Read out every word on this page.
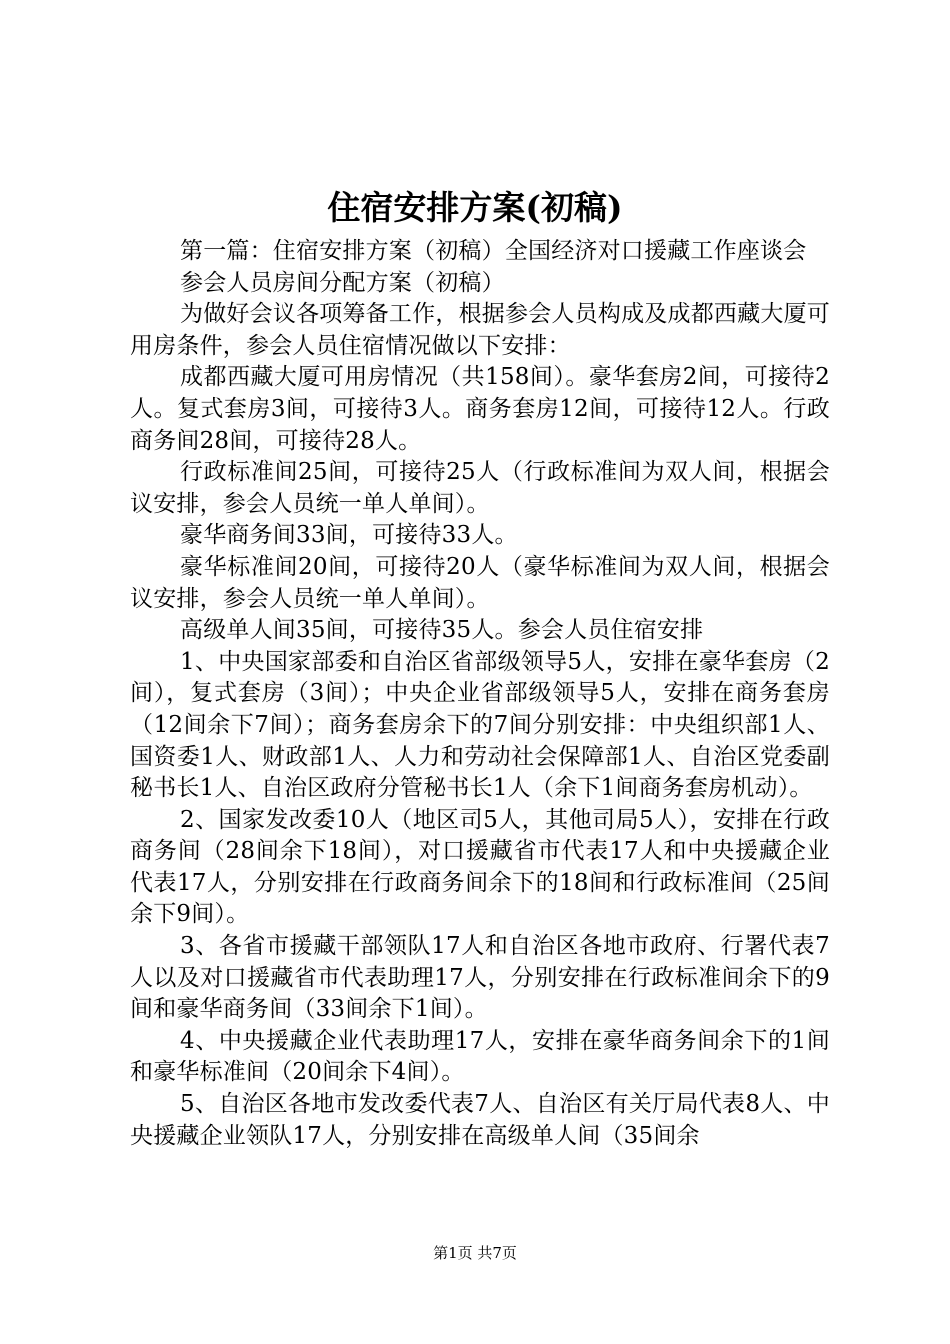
住宿安排方案(初稿)

第一篇：住宿安排方案（初稿）全国经济对口援藏工作座谈会

参会人员房间分配方案（初稿）

为做好会议各项筹备工作，根据参会人员构成及成都西藏大厦可用房条件，参会人员住宿情况做以下安排：

成都西藏大厦可用房情况（共158间）。豪华套房2间，可接待2人。复式套房3间，可接待3人。商务套房12间，可接待12人。行政商务间28间，可接待28人。

行政标准间25间，可接待25人（行政标准间为双人间，根据会议安排，参会人员统一单人单间）。

豪华商务间33间，可接待33人。

豪华标准间20间，可接待20人（豪华标准间为双人间，根据会议安排，参会人员统一单人单间）。

高级单人间35间，可接待35人。参会人员住宿安排

1、中央国家部委和自治区省部级领导5人，安排在豪华套房（2间），复式套房（3间）；中央企业省部级领导5人，安排在商务套房（12间余下7间）；商务套房余下的7间分别安排：中央组织部1人、国资委1人、财政部1人、人力和劳动社会保障部1人、自治区党委副秘书长1人、自治区政府分管秘书长1人（余下1间商务套房机动）。

2、国家发改委10人（地区司5人，其他司局5人），安排在行政商务间（28间余下18间），对口援藏省市代表17人和中央援藏企业代表17人，分别安排在行政商务间余下的18间和行政标准间（25间余下9间）。

3、各省市援藏干部领队17人和自治区各地市政府、行署代表7人以及对口援藏省市代表助理17人，分别安排在行政标准间余下的9间和豪华商务间（33间余下1间）。

4、中央援藏企业代表助理17人，安排在豪华商务间余下的1间和豪华标准间（20间余下4间）。

5、自治区各地市发改委代表7人、自治区有关厅局代表8人、中央援藏企业领队17人，分别安排在高级单人间（35间余

第1页 共7页
